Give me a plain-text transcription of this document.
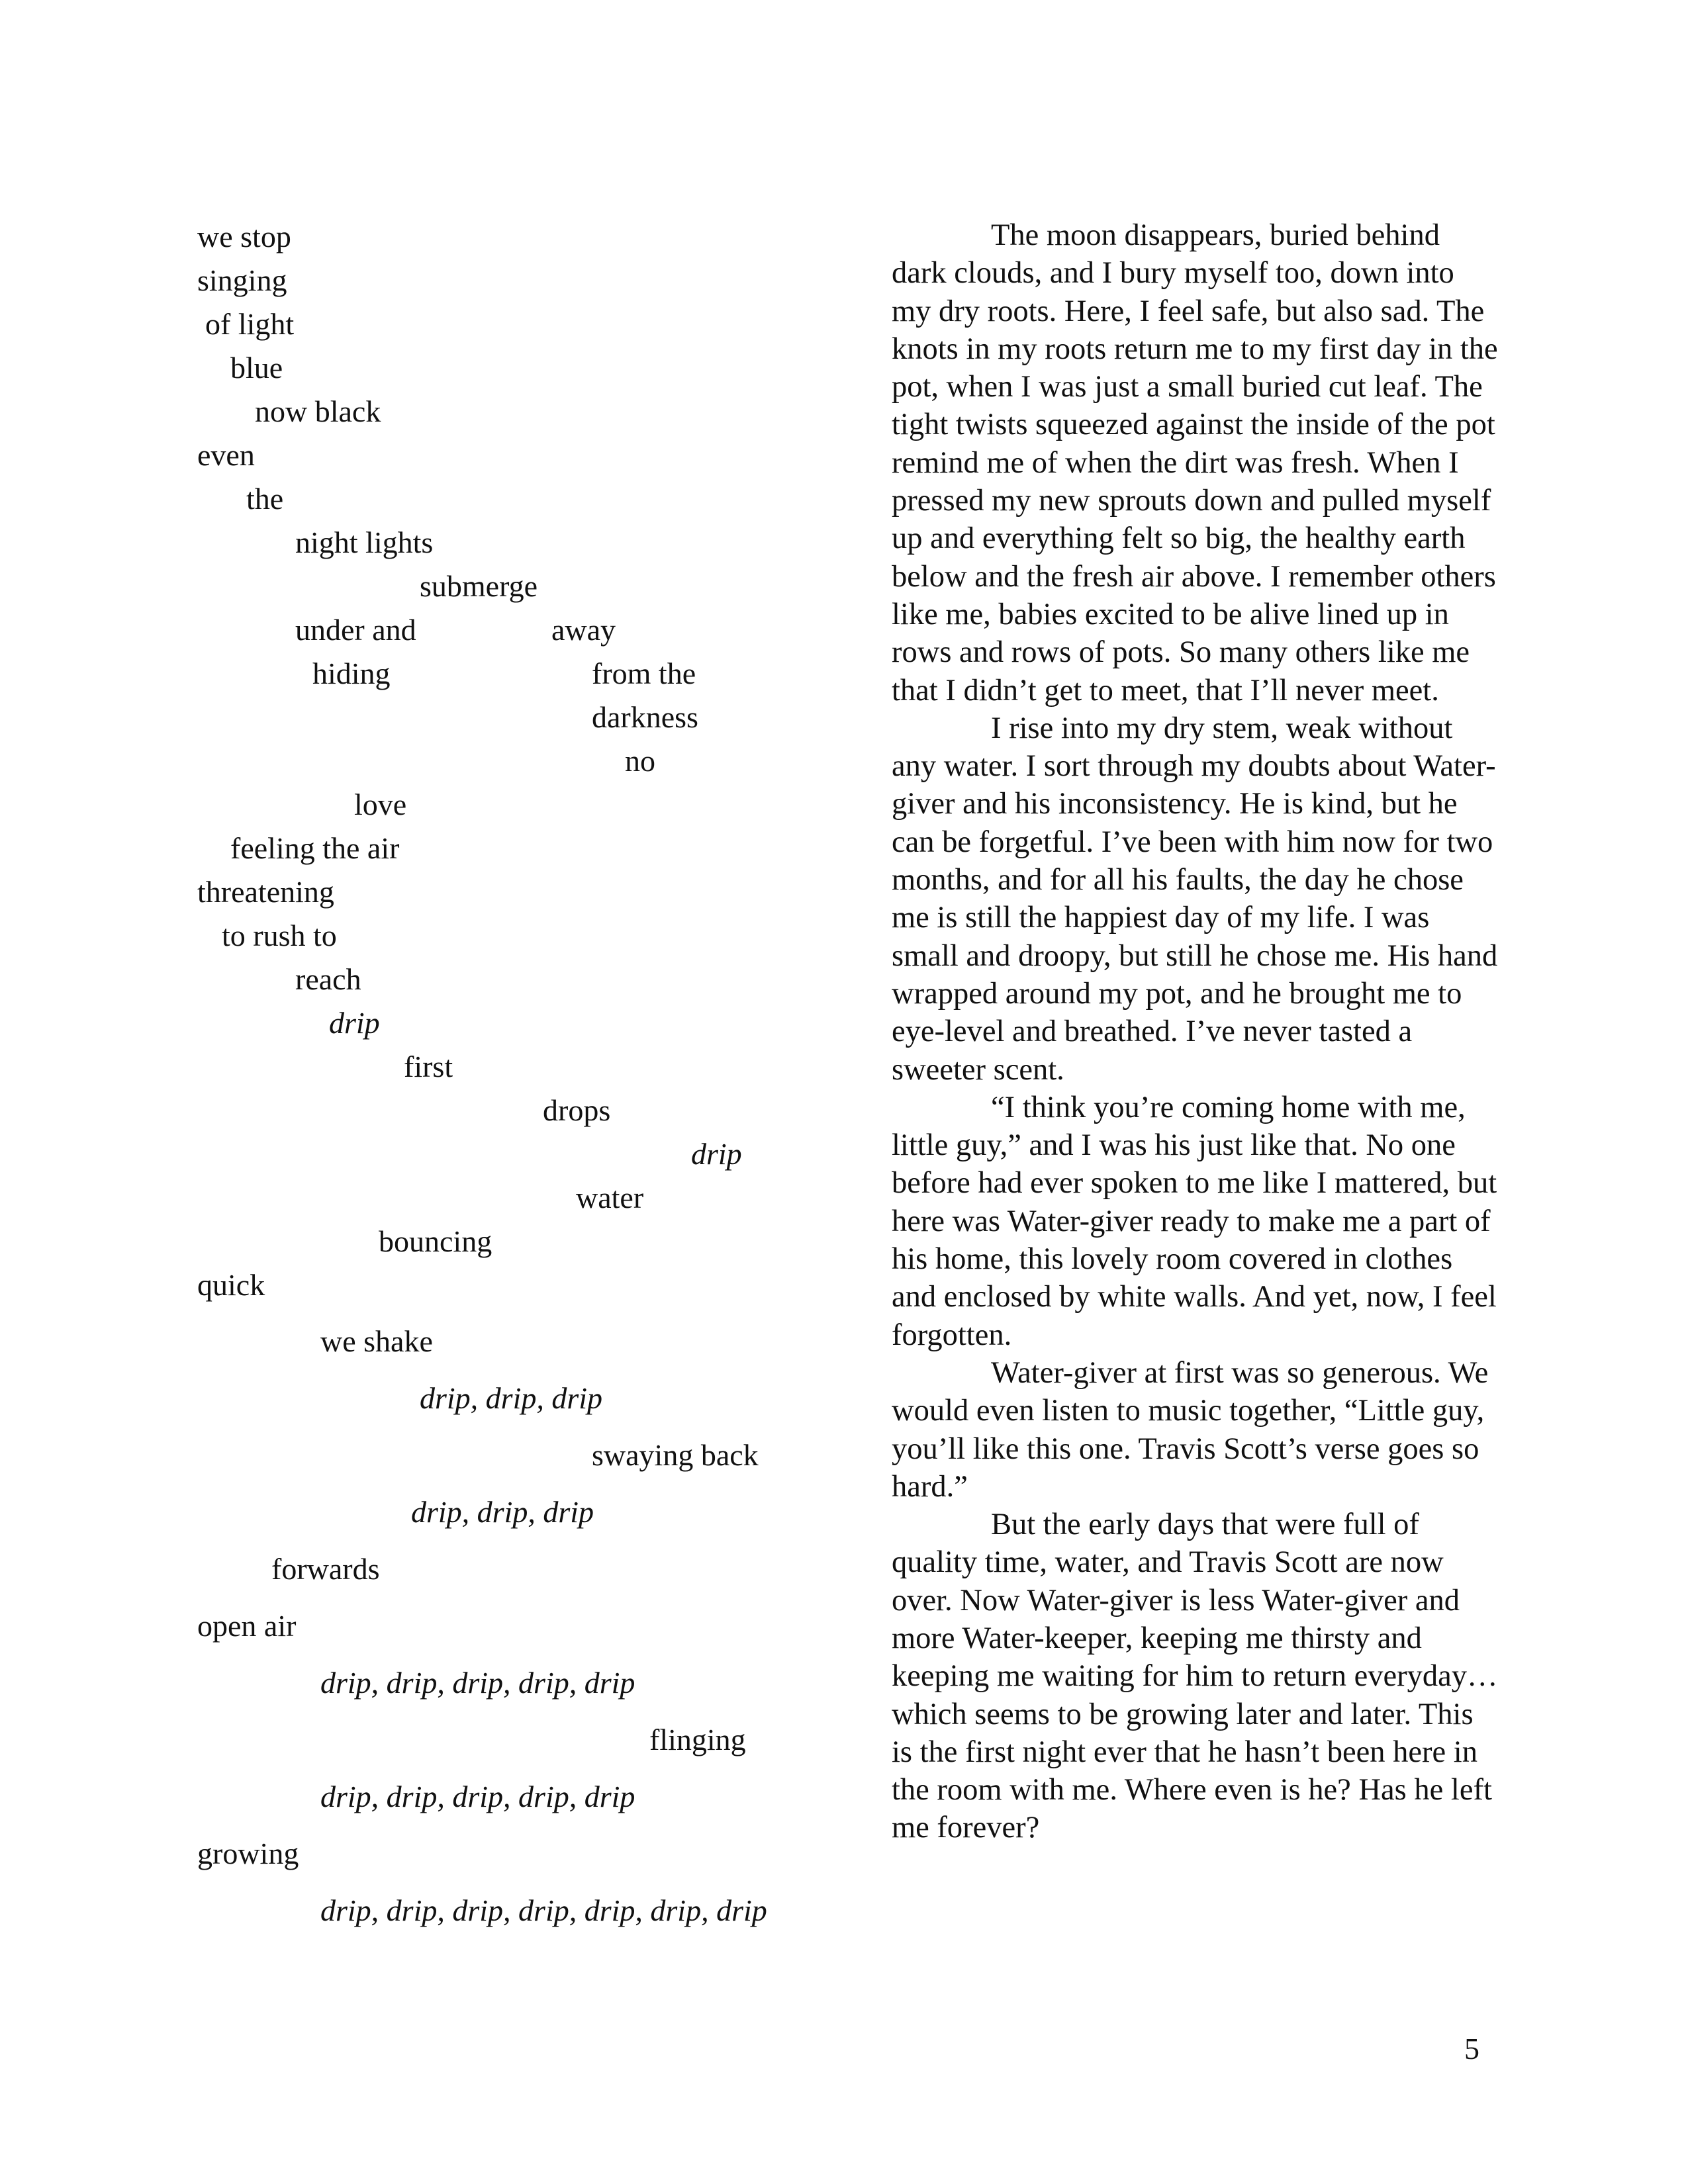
we stop
singing
of light
blue
now black
even
the
night lights
submerge
under and	away
hiding	from the
darkness
no
love
feeling the air
threatening
to rush to
reach
drip
first
drops
drip
water
bouncing
quick
we shake
drip, drip, drip
swaying back
drip, drip, drip
forwards
open air
drip, drip, drip, drip, drip
flinging
drip, drip, drip, drip, drip
growing
drip, drip, drip, drip, drip, drip, drip

The moon disappears, buried behind dark clouds, and I bury myself too, down into my dry roots. Here, I feel safe, but also sad. The knots in my roots return me to my first day in the pot, when I was just a small buried cut leaf. The tight twists squeezed against the inside of the pot remind me of when the dirt was fresh. When I pressed my new sprouts down and pulled myself up and everything felt so big, the healthy earth below and the fresh air above. I remember others like me, babies excited to be alive lined up in rows and rows of pots. So many others like me that I didn’t get to meet, that I’ll never meet.

I rise into my dry stem, weak without any water. I sort through my doubts about Water-giver and his inconsistency. He is kind, but he can be forgetful. I’ve been with him now for two months, and for all his faults, the day he chose me is still the happiest day of my life. I was small and droopy, but still he chose me. His hand wrapped around my pot, and he brought me to eye-level and breathed. I’ve never tasted a sweeter scent.

“I think you’re coming home with me, little guy,” and I was his just like that. No one before had ever spoken to me like I mattered, but here was Water-giver ready to make me a part of his home, this lovely room covered in clothes and enclosed by white walls. And yet, now, I feel forgotten.

Water-giver at first was so generous. We would even listen to music together, “Little guy, you’ll like this one. Travis Scott’s verse goes so hard.”

But the early days that were full of quality time, water, and Travis Scott are now over. Now Water-giver is less Water-giver and more Water-keeper, keeping me thirsty and keeping me waiting for him to return everyday… which seems to be growing later and later. This is the first night ever that he hasn’t been here in the room with me. Where even is he? Has he left me forever?

5
